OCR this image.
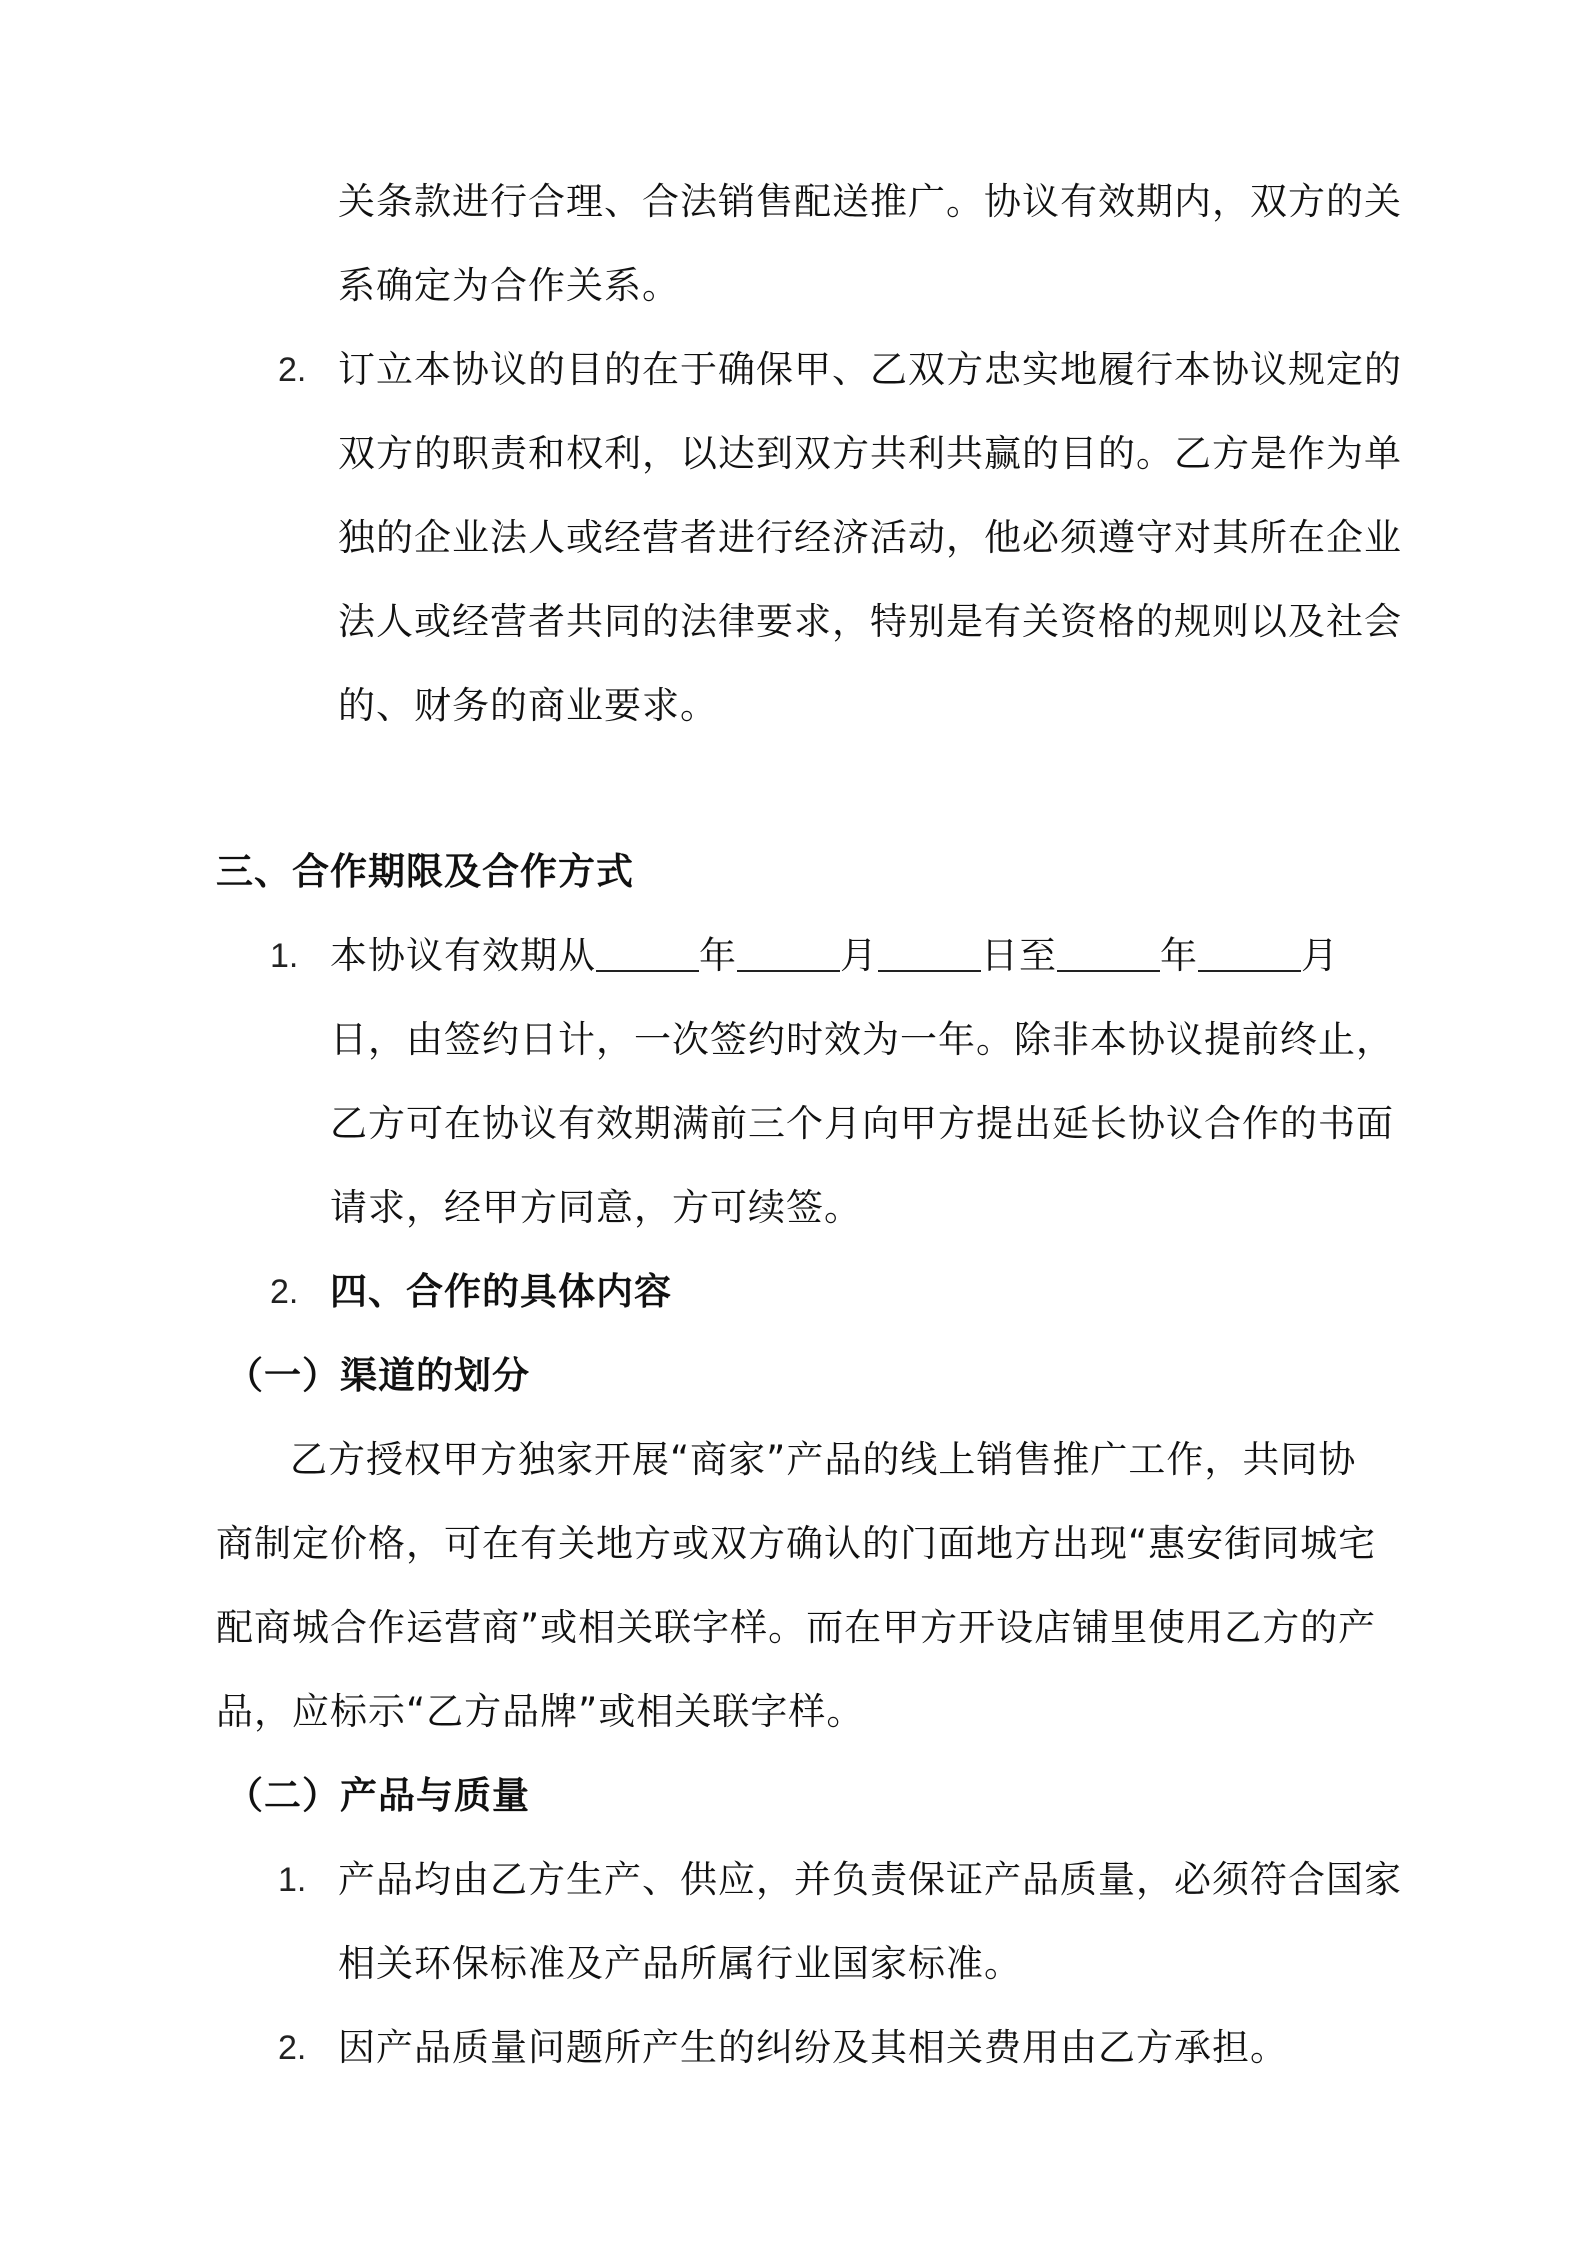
关条款进行合理、合法销售配送推广。协议有效期内，双方的关
系确定为合作关系。
2. 订立本协议的目的在于确保甲、乙双方忠实地履行本协议规定的
双方的职责和权利，以达到双方共利共赢的目的。乙方是作为单
独的企业法人或经营者进行经济活动，他必须遵守对其所在企业
法人或经营者共同的法律要求，特别是有关资格的规则以及社会
的、财务的商业要求。
三、合作期限及合作方式
1. 本协议有效期从	年	月	日至	年	月
日，由签约日计，一次签约时效为一年。除非本协议提前终止，
乙方可在协议有效期满前三个月向甲方提出延长协议合作的书面
请求，经甲方同意，方可续签。
2. 四、合作的具体内容
（一）渠道的划分
乙方授权甲方独家开展“商家”产品的线上销售推广工作，共同协
商制定价格，可在有关地方或双方确认的门面地方出现“惠安街同城宅
配商城合作运营商”或相关联字样。而在甲方开设店铺里使用乙方的产
品，应标示“乙方品牌”或相关联字样。
（二）产品与质量
1. 产品均由乙方生产、供应，并负责保证产品质量，必须符合国家
相关环保标准及产品所属行业国家标准。
2. 因产品质量问题所产生的纠纷及其相关费用由乙方承担。
